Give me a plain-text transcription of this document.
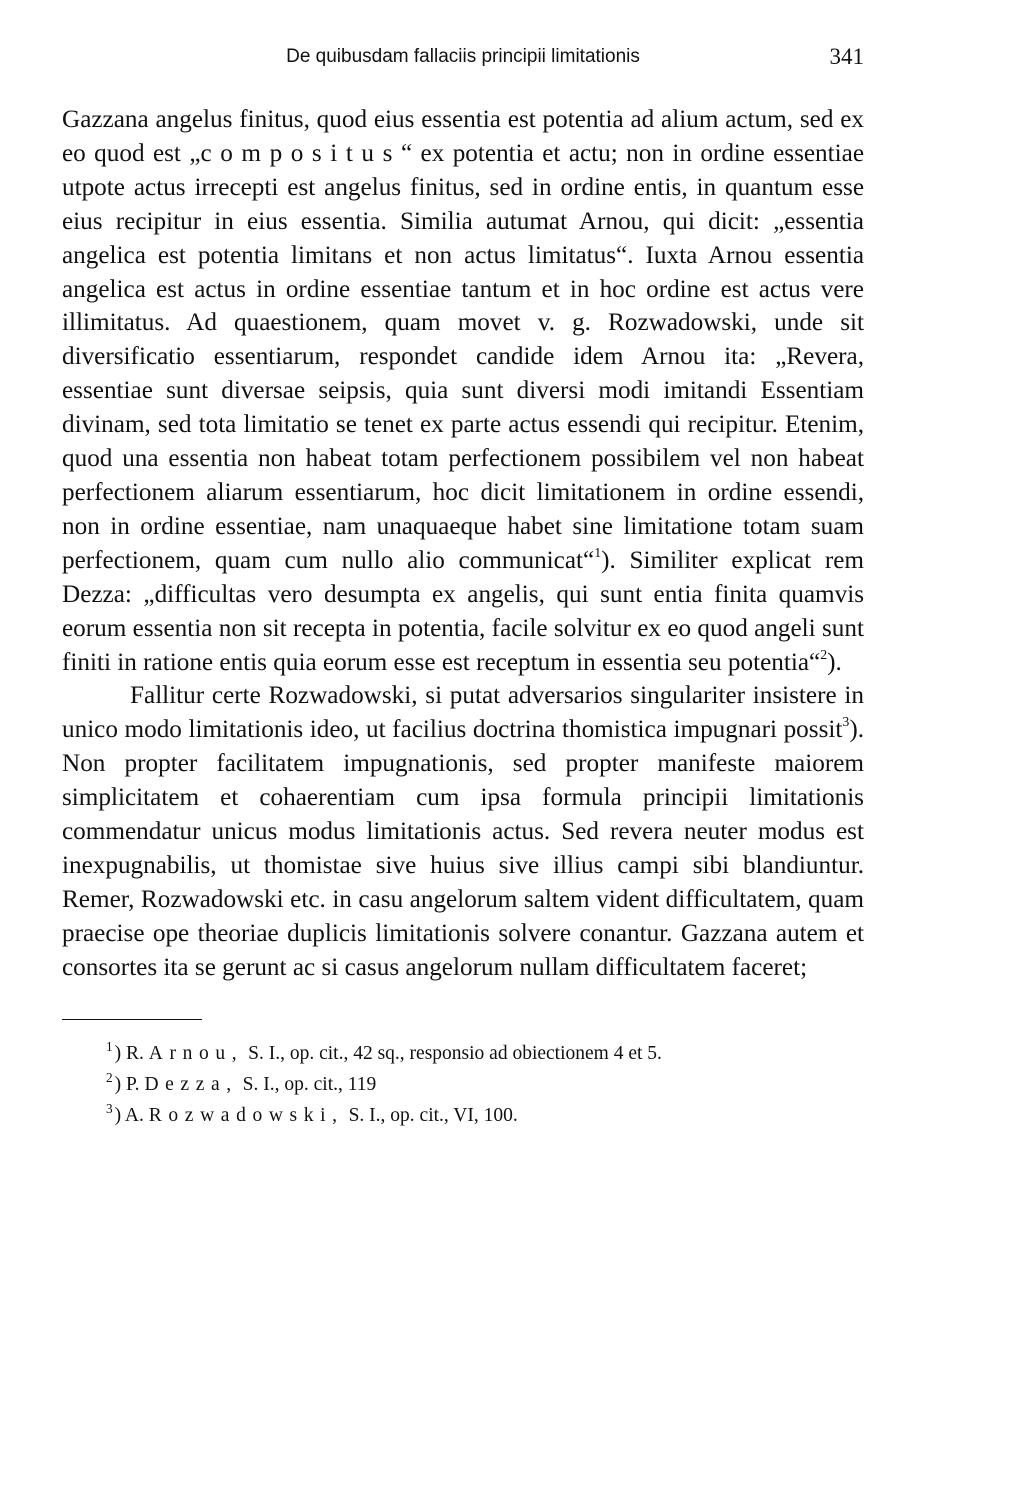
De quibusdam fallaciis principii limitationis	341

Gazzana angelus finitus, quod eius essentia est potentia ad alium actum, sed ex eo quod est „compositus“ ex potentia et actu; non in ordine essentiae utpote actus irrecepti est angelus finitus, sed in ordine entis, in quantum esse eius recipitur in eius essentia. Similia autumat Arnou, qui dicit: „essentia angelica est potentia limitans et non actus limitatus“. Iuxta Arnou essentia angelica est actus in ordine essentiae tantum et in hoc ordine est actus vere illimitatus. Ad quaestionem, quam movet v. g. Rozwadowski, unde sit diversificatio essentiarum, respondet candide idem Arnou ita: „Revera, essentiae sunt diversae seipsis, quia sunt diversi modi imitandi Essentiam divinam, sed tota limitatio se tenet ex parte actus essendi qui recipitur. Etenim, quod una essentia non habeat totam perfectionem possibilem vel non habeat perfectionem aliarum essentiarum, hoc dicit limitationem in ordine essendi, non in ordine essentiae, nam unaquaeque habet sine limitatione totam suam perfectionem, quam cum nullo alio communicat“$^1$). Similiter explicat rem Dezza: „difficultas vero desumpta ex angelis, qui sunt entia finita quamvis eorum essentia non sit recepta in potentia, facile solvitur ex eo quod angeli sunt finiti in ratione entis quia eorum esse est receptum in essentia seu potentia“$^2$).

Fallitur certe Rozwadowski, si putat adversarios singulariter insistere in unico modo limitationis ideo, ut facilius doctrina thomistica impugnari possit$^3$). Non propter facilitatem impugnationis, sed propter manifeste maiorem simplicitatem et cohaerentiam cum ipsa formula principii limitationis commendatur unicus modus limitationis actus. Sed revera neuter modus est inexpugnabilis, ut thomistae sive huius sive illius campi sibi blandiuntur. Remer, Rozwadowski etc. in casu angelorum saltem vident difficultatem, quam praecise ope theoriae duplicis limitationis solvere conantur. Gazzana autem et consortes ita se gerunt ac si casus angelorum nullam difficultatem faceret;

$^1$ ) R. Arnou, S. I., op. cit., 42 sq., responsio ad obiectionem 4 et 5.
$^2$ ) P. Dezza, S. I., op. cit., 119
$^3$ ) A. Rozwadowski, S. I., op. cit., VI, 100.
